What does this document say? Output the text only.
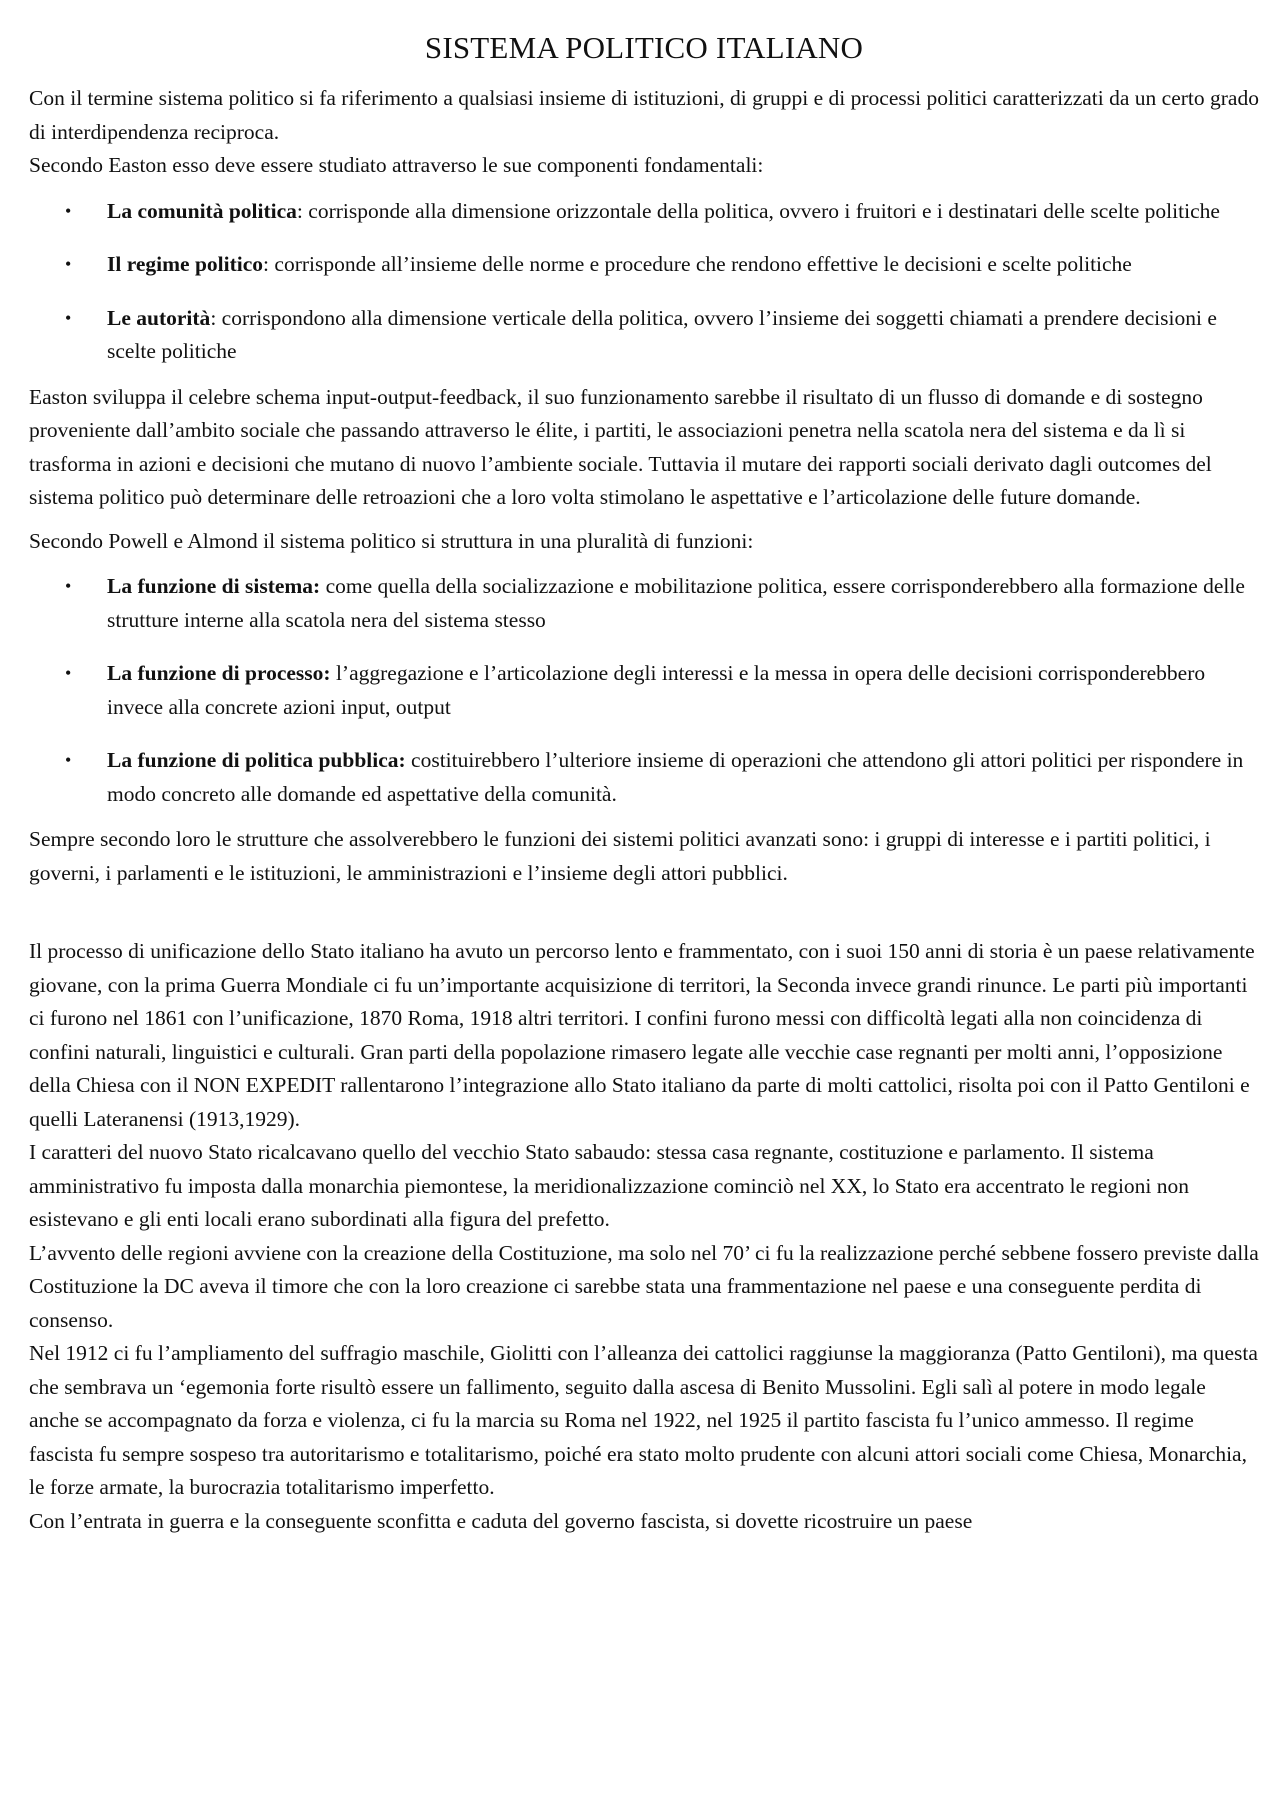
SISTEMA POLITICO ITALIANO

Con il termine sistema politico si fa riferimento a qualsiasi insieme di istituzioni, di gruppi e di processi politici caratterizzati da un certo grado di interdipendenza reciproca.

Secondo Easton esso deve essere studiato attraverso le sue componenti fondamentali:

• La comunità politica: corrisponde alla dimensione orizzontale della politica, ovvero i fruitori e i destinatari delle scelte politiche
• Il regime politico: corrisponde all’insieme delle norme e procedure che rendono effettive le decisioni e scelte politiche
• Le autorità: corrispondono alla dimensione verticale della politica, ovvero l’insieme dei soggetti chiamati a prendere decisioni e scelte politiche

Easton sviluppa il celebre schema input-output-feedback, il suo funzionamento sarebbe il risultato di un flusso di domande e di sostegno proveniente dall’ambito sociale che passando attraverso le élite, i partiti, le associazioni penetra nella scatola nera del sistema e da lì si trasforma in azioni e decisioni che mutano di nuovo l’ambiente sociale. Tuttavia il mutare dei rapporti sociali derivato dagli outcomes del sistema politico può determinare delle retroazioni che a loro volta stimolano le aspettative e l’articolazione delle future domande.

Secondo Powell e Almond il sistema politico si struttura in una pluralità di funzioni:

• La funzione di sistema: come quella della socializzazione e mobilitazione politica, essere corrisponderebbero alla formazione delle strutture interne alla scatola nera del sistema stesso
• La funzione di processo: l’aggregazione e l’articolazione degli interessi e la messa in opera delle decisioni corrisponderebbero invece alla concrete azioni input, output
• La funzione di politica pubblica: costituirebbero l’ulteriore insieme di operazioni che attendono gli attori politici per rispondere in modo concreto alle domande ed aspettative della comunità.

Sempre secondo loro le strutture che assolverebbero le funzioni dei sistemi politici avanzati sono: i gruppi di interesse e i partiti politici, i governi, i parlamenti e le istituzioni, le amministrazioni e l’insieme degli attori pubblici.

Il processo di unificazione dello Stato italiano ha avuto un percorso lento e frammentato, con i suoi 150 anni di storia è un paese relativamente giovane, con la prima Guerra Mondiale ci fu un’importante acquisizione di territori, la Seconda invece grandi rinunce. Le parti più importanti ci furono nel 1861 con l’unificazione, 1870 Roma, 1918 altri territori. I confini furono messi con difficoltà legati alla non coincidenza di confini naturali, linguistici e culturali. Gran parti della popolazione rimasero legate alle vecchie case regnanti per molti anni, l’opposizione della Chiesa con il NON EXPEDIT rallentarono l’integrazione allo Stato italiano da parte di molti cattolici, risolta poi con il Patto Gentiloni e quelli Lateranensi (1913,1929).

I caratteri del nuovo Stato ricalcavano quello del vecchio Stato sabaudo: stessa casa regnante, costituzione e parlamento. Il sistema amministrativo fu imposta dalla monarchia piemontese, la meridionalizzazione cominciò nel XX, lo Stato era accentrato le regioni non esistevano e gli enti locali erano subordinati alla figura del prefetto.

L’avvento delle regioni avviene con la creazione della Costituzione, ma solo nel 70’ ci fu la realizzazione perché sebbene fossero previste dalla Costituzione la DC aveva il timore che con la loro creazione ci sarebbe stata una frammentazione nel paese e una conseguente perdita di consenso.

Nel 1912 ci fu l’ampliamento del suffragio maschile, Giolitti con l’alleanza dei cattolici raggiunse la maggioranza (Patto Gentiloni), ma questa che sembrava un ‘egemonia forte risultò essere un fallimento, seguito dalla ascesa di Benito Mussolini. Egli salì al potere in modo legale anche se accompagnato da forza e violenza, ci fu la marcia su Roma nel 1922, nel 1925 il partito fascista fu l’unico ammesso. Il regime fascista fu sempre sospeso tra autoritarismo e totalitarismo, poiché era stato molto prudente con alcuni attori sociali come Chiesa, Monarchia, le forze armate, la burocrazia totalitarismo imperfetto.

Con l’entrata in guerra e la conseguente sconfitta e caduta del governo fascista, si dovette ricostruire un paese
